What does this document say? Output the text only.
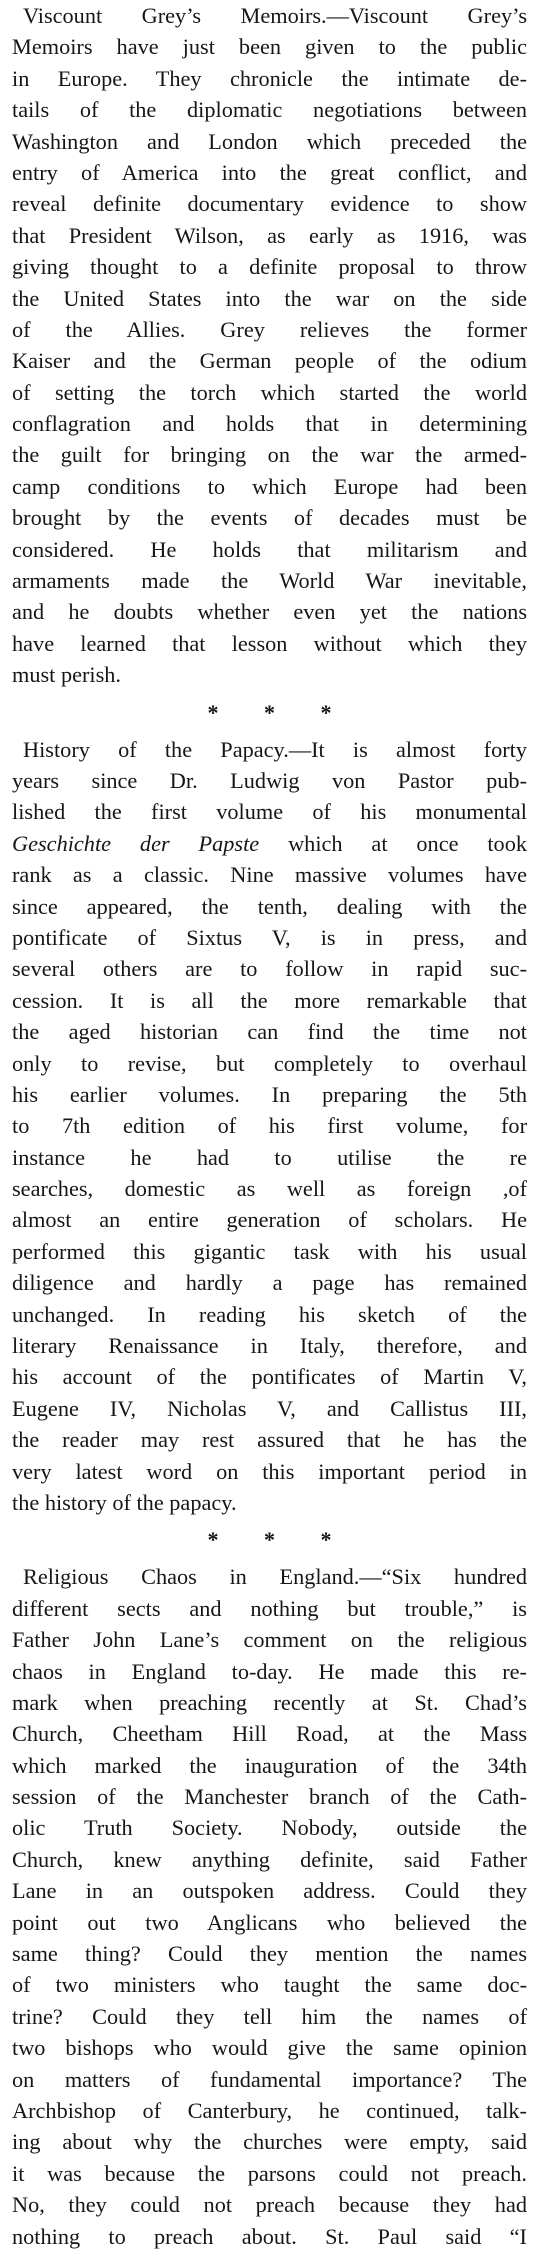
Viscount Grey’s Memoirs.—Viscount Grey’s
Memoirs have just been given to the public
in Europe. They chronicle the intimate de-
tails of the diplomatic negotiations between
Washington and London which preceded the
entry of America into the great conflict, and
reveal definite documentary evidence to show
that President Wilson, as early as 1916, was
giving thought to a definite proposal to throw
the United States into the war on the side
of the Allies. Grey relieves the former
Kaiser and the German people of the odium
of setting the torch which started the world
conflagration and holds that in determining
the guilt for bringing on the war the armed-
camp conditions to which Europe had been
brought by the events of decades must be
considered. He holds that militarism and
armaments made the World War inevitable,
and he doubts whether even yet the nations
have learned that lesson without which they
must perish.
* * *
History of the Papacy.—It is almost forty
years since Dr. Ludwig von Pastor pub-
lished the first volume of his monumental
Geschichte der Papste which at once took
rank as a classic. Nine massive volumes have
since appeared, the tenth, dealing with the
pontificate of Sixtus V, is in press, and
several others are to follow in rapid suc-
cession. It is all the more remarkable that
the aged historian can find the time not
only to revise, but completely to overhaul
his earlier volumes. In preparing the 5th
to 7th edition of his first volume, for
instance he had to utilise the re
searches, domestic as well as foreign ,of
almost an entire generation of scholars. He
performed this gigantic task with his usual
diligence and hardly a page has remained
unchanged. In reading his sketch of the
literary Renaissance in Italy, therefore, and
his account of the pontificates of Martin V,
Eugene IV, Nicholas V, and Callistus III,
the reader may rest assured that he has the
very latest word on this important period in
the history of the papacy.
* * *
Religious Chaos in England.—“Six hundred
different sects and nothing but trouble,” is
Father John Lane’s comment on the religious
chaos in England to-day. He made this re-
mark when preaching recently at St. Chad’s
Church, Cheetham Hill Road, at the Mass
which marked the inauguration of the 34th
session of the Manchester branch of the Cath-
olic Truth Society. Nobody, outside the
Church, knew anything definite, said Father
Lane in an outspoken address. Could they
point out two Anglicans who believed the
same thing? Could they mention the names
of two ministers who taught the same doc-
trine? Could they tell him the names of
two bishops who would give the same opinion
on matters of fundamental importance? The
Archbishop of Canterbury, he continued, talk-
ing about why the churches were empty, said
it was because the parsons could not preach.
No, they could not preach because they had
nothing to preach about. St. Paul said “I
